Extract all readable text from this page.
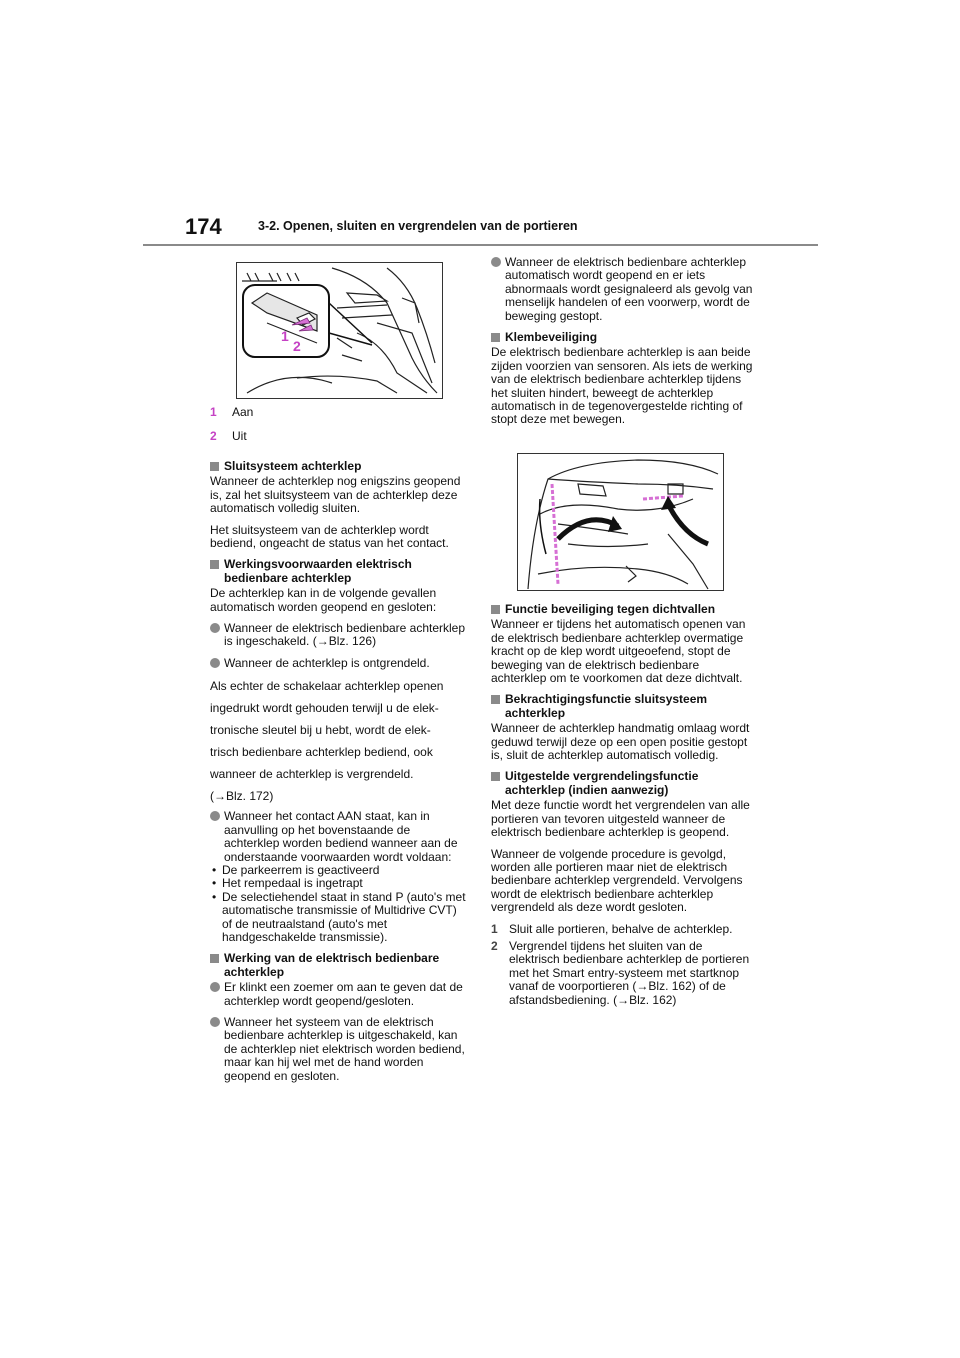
174	3-2. Openen, sluiten en vergrendelen van de portieren
1
2
1 Aan
2 Uit
Sluitsysteem achterklep

Wanneer de achterklep nog enigszins geopend is, zal het sluitsysteem van de achterklep deze automatisch volledig sluiten.

Het sluitsysteem van de achterklep wordt bediend, ongeacht de status van het contact.

Werkingsvoorwaarden elektrisch bedienbare achterklep

De achterklep kan in de volgende gevallen automatisch worden geopend en gesloten:

Wanneer de elektrisch bedienbare achterklep is ingeschakeld. (→Blz. 126)
Wanneer de achterklep is ontgrendeld.

Als echter de schakelaar achterklep openen

ingedrukt wordt gehouden terwijl u de elek-

tronische sleutel bij u hebt, wordt de elek-

trisch bedienbare achterklep bediend, ook

wanneer de achterklep is vergrendeld.

(→Blz. 172)

Wanneer het contact AAN staat, kan in aanvulling op het bovenstaande de achterklep worden bediend wanneer aan de onderstaande voorwaarden wordt voldaan:

• De parkeerrem is geactiveerd

• Het rempedaal is ingetrapt

• De selectiehendel staat in stand P (auto's met automatische transmissie of Multidrive CVT) of de neutraalstand (auto's met handgeschakelde transmissie).

Werking van de elektrisch bedienbare achterklep
Er klinkt een zoemer om aan te geven dat de achterklep wordt geopend/gesloten.
Wanneer het systeem van de elektrisch bedienbare achterklep is uitgeschakeld, kan de achterklep niet elektrisch worden bediend, maar kan hij wel met de hand worden geopend en gesloten.
Wanneer de elektrisch bedienbare achterklep automatisch wordt geopend en er iets abnormaals wordt gesignaleerd als gevolg van menselijk handelen of een voorwerp, wordt de beweging gestopt.
Klembeveiliging

De elektrisch bedienbare achterklep is aan beide zijden voorzien van sensoren. Als iets de werking van de elektrisch bedienbare achterklep tijdens het sluiten hindert, beweegt de achterklep automatisch in de tegenovergestelde richting of stopt deze met bewegen.

Functie beveiliging tegen dichtvallen

Wanneer er tijdens het automatisch openen van de elektrisch bedienbare achterklep overmatige kracht op de klep wordt uitgeoefend, stopt de beweging van de elektrisch bedienbare achterklep om te voorkomen dat deze dichtvalt.

Bekrachtigingsfunctie sluitsysteem achterklep

Wanneer de achterklep handmatig omlaag wordt geduwd terwijl deze op een open positie gestopt is, sluit de achterklep automatisch volledig.

Uitgestelde vergrendelingsfunctie achterklep (indien aanwezig)

Met deze functie wordt het vergrendelen van alle portieren van tevoren uitgesteld wanneer de elektrisch bedienbare achterklep is geopend.

Wanneer de volgende procedure is gevolgd, worden alle portieren maar niet de elektrisch bedienbare achterklep vergrendeld. Vervolgens wordt de elektrisch bedienbare achterklep vergrendeld als deze wordt gesloten.

1 Sluit alle portieren, behalve de achterklep.
2 Vergrendel tijdens het sluiten van de elektrisch bedienbare achterklep de portieren met het Smart entry-systeem met startknop vanaf de voorportieren (→Blz. 162) of de afstandsbediening. (→Blz. 162)
